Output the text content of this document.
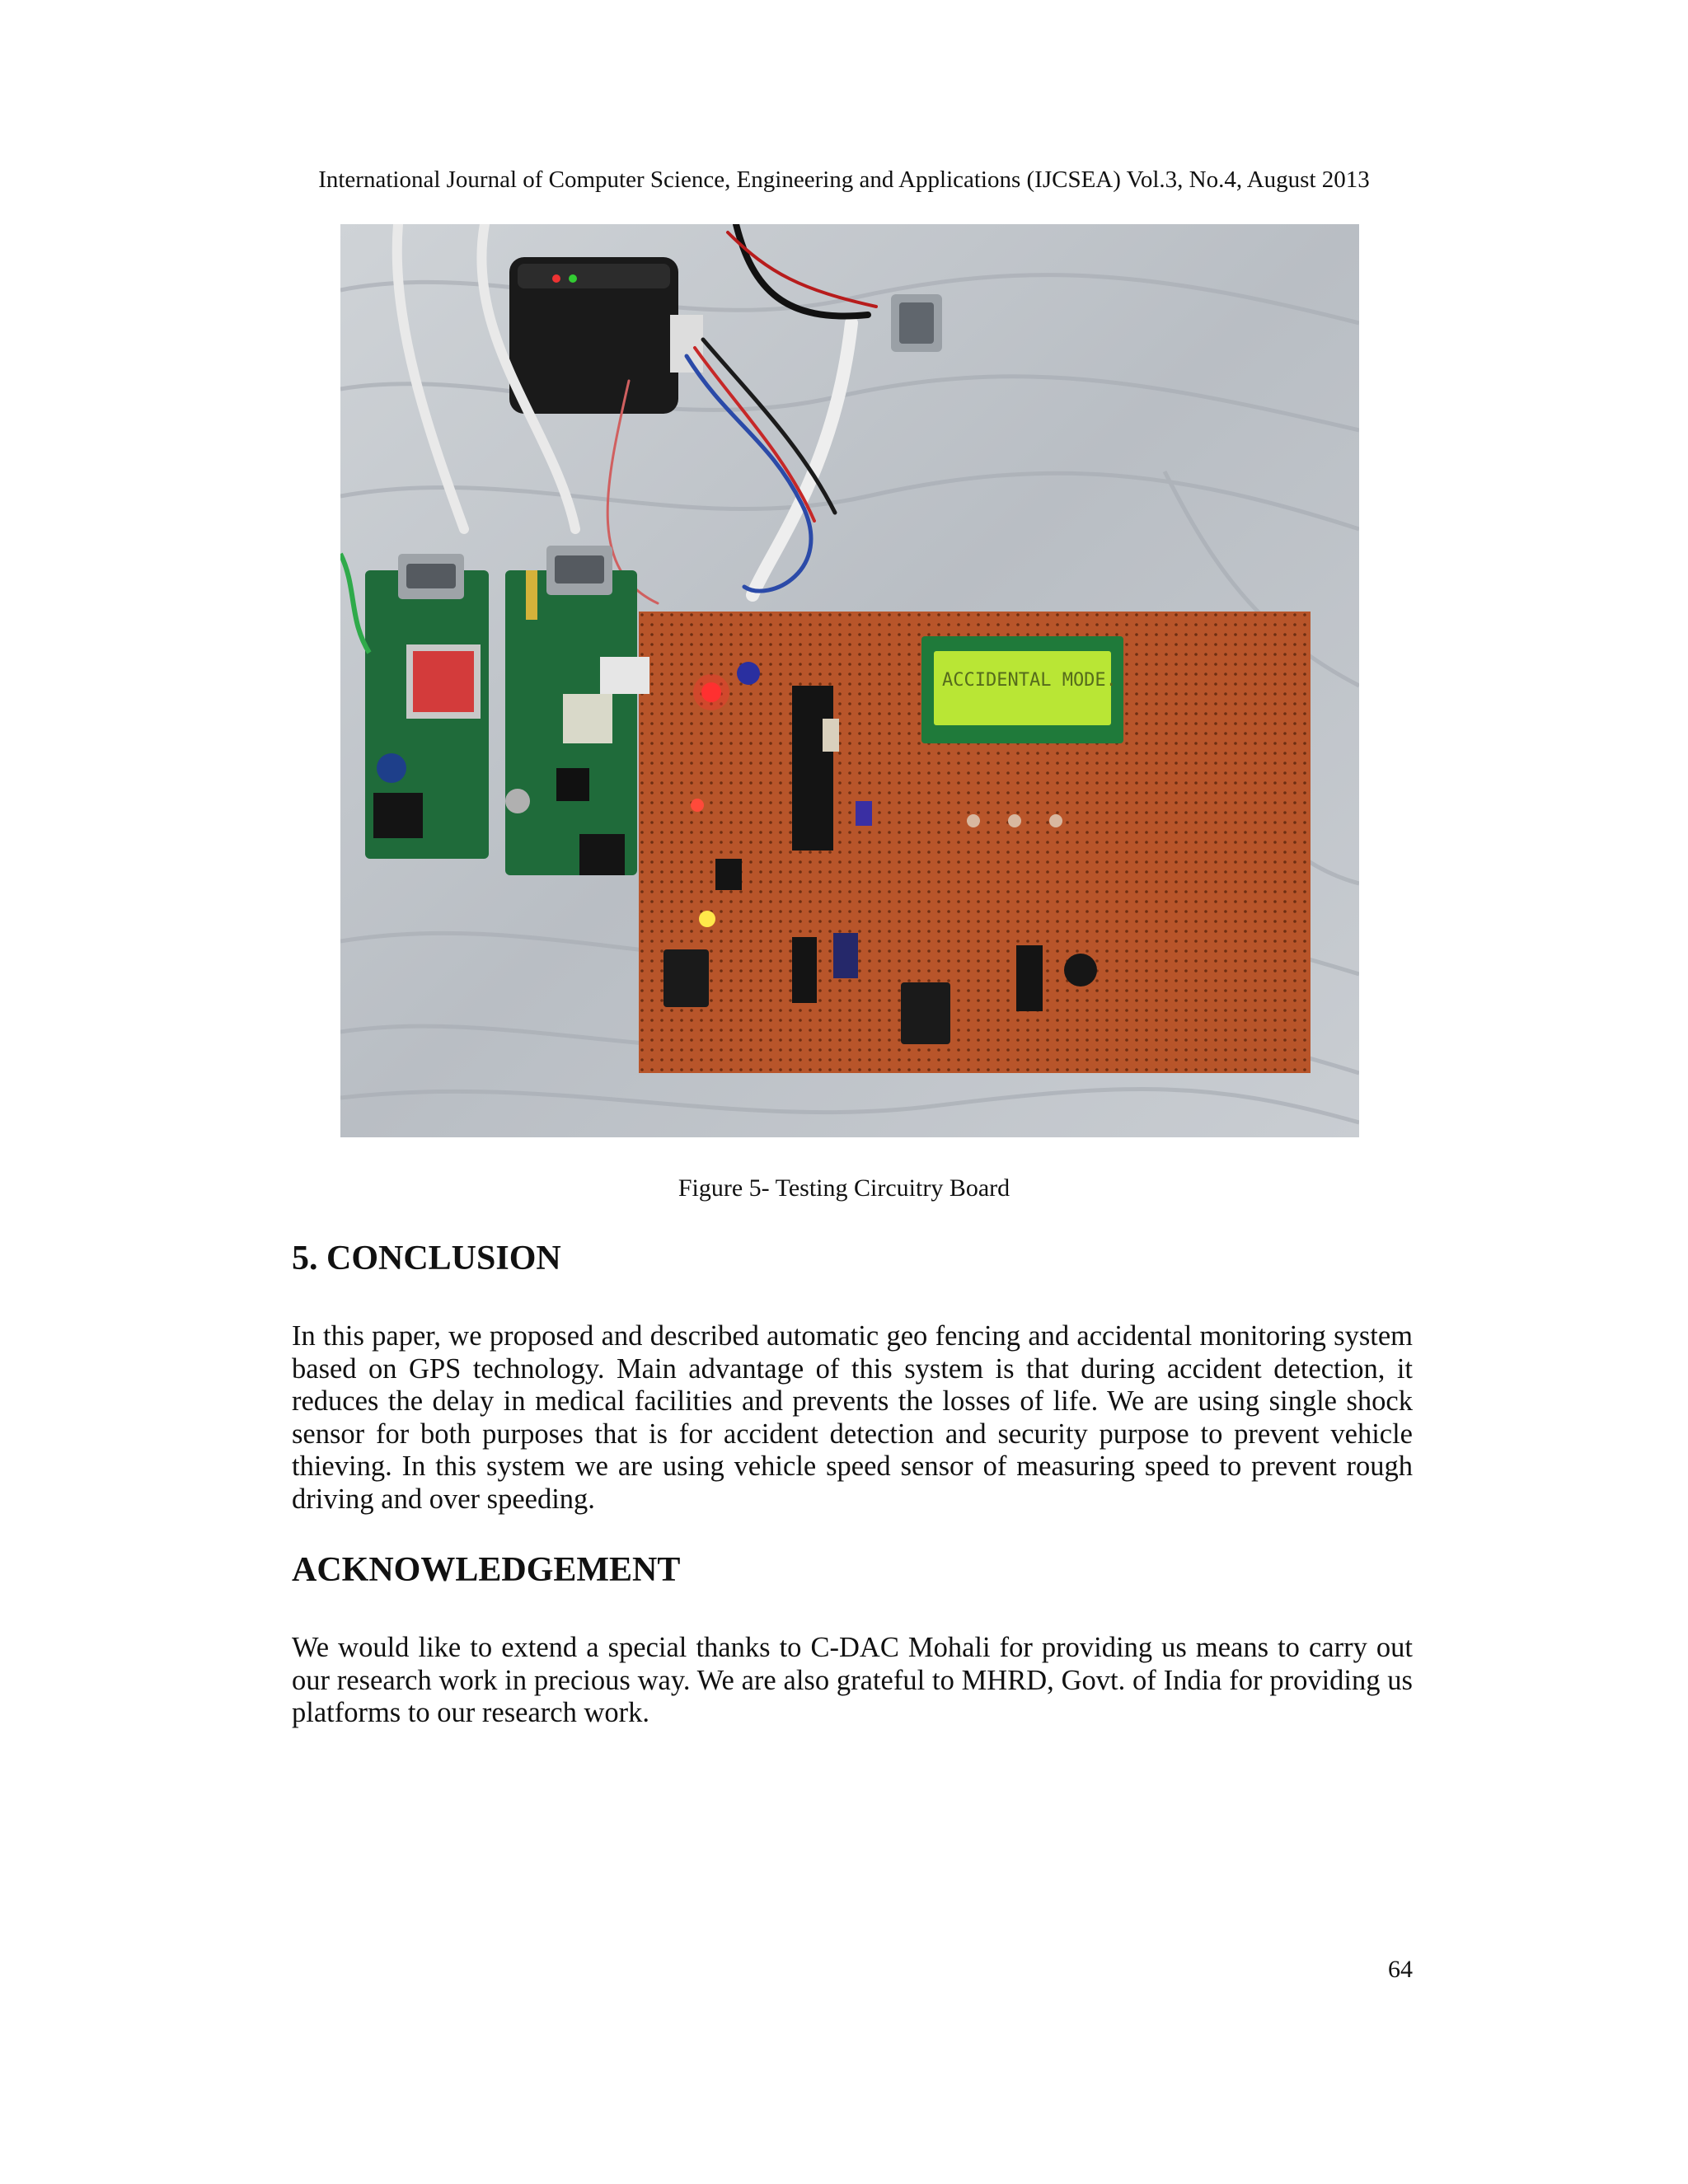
International Journal of Computer Science, Engineering and Applications (IJCSEA) Vol.3, No.4, August 2013
ACCIDENTAL MODE.
Figure 5- Testing Circuitry Board
5. CONCLUSION
In this paper, we proposed and described automatic geo fencing and accidental monitoring system based on GPS technology. Main advantage of this system is that during accident detection, it reduces the delay in medical facilities and prevents the losses of life. We are using single shock sensor for both purposes that is for accident detection and security purpose to prevent vehicle thieving. In this system we are using vehicle speed sensor of measuring speed to prevent rough driving and over speeding.
ACKNOWLEDGEMENT
We would like to extend a special thanks to C-DAC Mohali for providing us means to carry out our research work in precious way. We are also grateful to MHRD, Govt. of India for providing us platforms to our research work.
64
